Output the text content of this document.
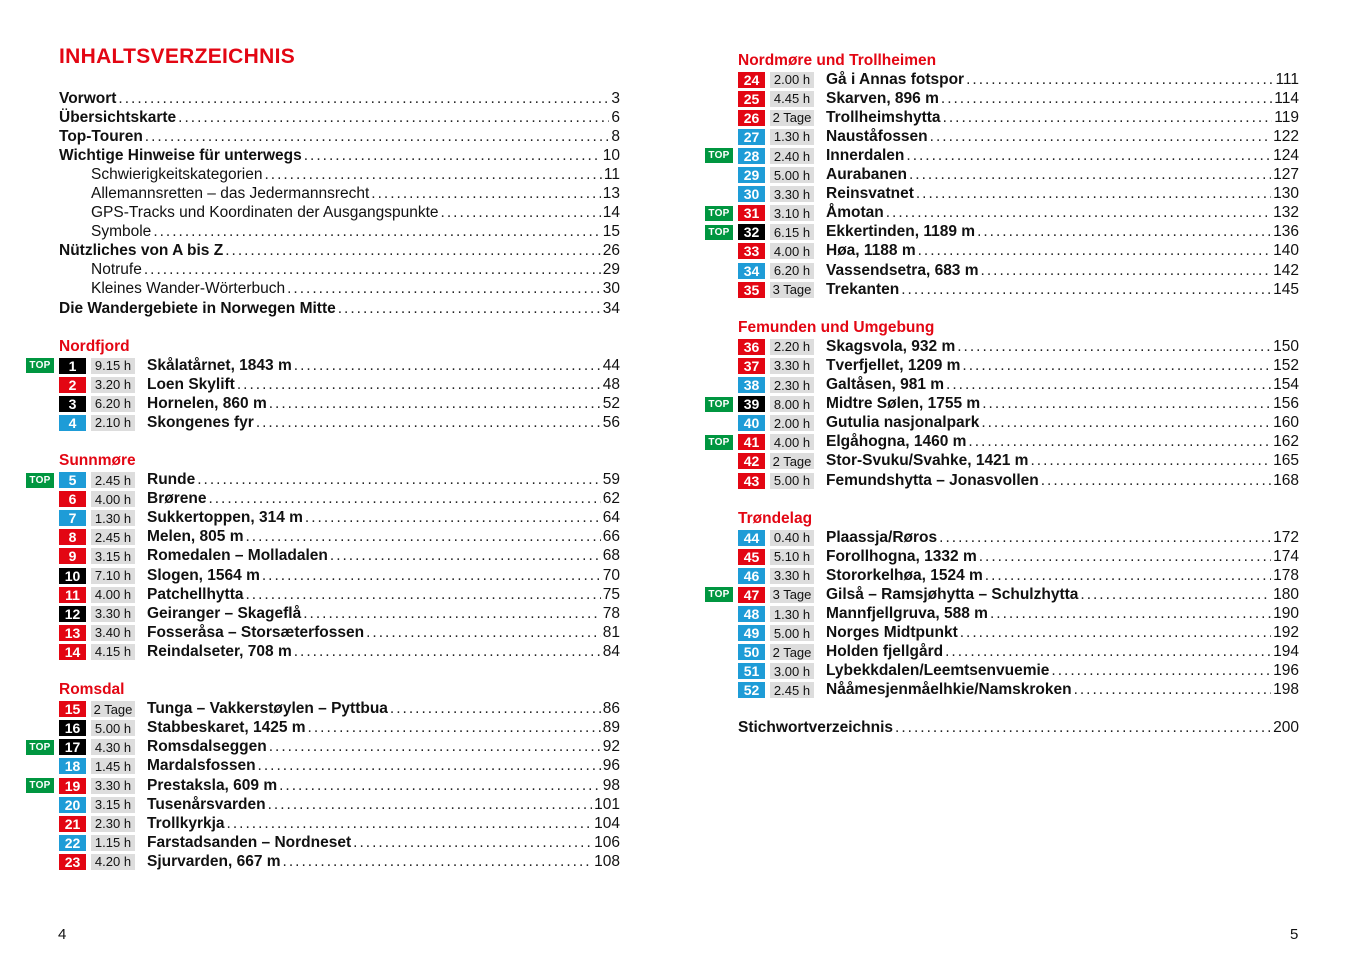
INHALTSVERZEICHNIS
Vorwort .....	3
Übersichtskarte .....	6
Top-Touren .....	8
Wichtige Hinweise für unterwegs .....	10
Schwierigkeitskategorien .....	11
Allemannsretten – das Jedermannsrecht .....	13
GPS-Tracks und Koordinaten der Ausgangspunkte .....	14
Symbole .....	15
Nützliches von A bis Z .....	26
Notrufe .....	29
Kleines Wander-Wörterbuch .....	30
Die Wandergebiete in Norwegen Mitte .....	34
Nordfjord
TOP	1	9.15 h Skålatårnet, 1843 m .....	44
2	3.20 h Loen Skylift .....	48
3	6.20 h Hornelen, 860 m .....	52
4	2.10 h Skongenes fyr .....	56
Sunnmøre
TOP	5	2.45 h Runde .....	59
6	4.00 h Brørene .....	62
7	1.30 h Sukkertoppen, 314 m .....	64
8	2.45 h Melen, 805 m .....	66
9	3.15 h Romedalen – Molladalen .....	68
10	7.10 h Slogen, 1564 m .....	70
11	4.00 h Patchellhytta .....	75
12	3.30 h Geiranger – Skageflå .....	78
13	3.40 h Fosseråsa – Storsæterfossen .....	81
14	4.15 h Reindalseter, 708 m .....	84
Romsdal
15	2 Tage Tunga – Vakkerstøylen – Pyttbua .....	86
16	5.00 h Stabbeskaret, 1425 m .....	89
TOP	17	4.30 h Romsdalseggen .....	92
18	1.45 h Mardalsfossen .....	96
TOP	19	3.30 h Prestaksla, 609 m .....	98
20	3.15 h Tusenårsvarden .....	101
21	2.30 h Trollkyrkja .....	104
22	1.15 h Farstadsanden – Nordneset .....	106
23	4.20 h Sjurvarden, 667 m .....	108
4
Nordmøre und Trollheimen
24	2.00 h Gå i Annas fotspor .....	111
25	4.45 h Skarven, 896 m .....	114
26	2 Tage Trollheimshytta .....	119
27	1.30 h Nauståfossen .....	122
TOP	28	2.40 h Innerdalen .....	124
29	5.00 h Aurabanen .....	127
30	3.30 h Reinsvatnet .....	130
TOP	31	3.10 h Åmotan .....	132
TOP	32	6.15 h Ekkertinden, 1189 m .....	136
33	4.00 h Høa, 1188 m .....	140
34	6.20 h Vassendsetra, 683 m .....	142
35	3 Tage Trekanten .....	145
Femunden und Umgebung
36	2.20 h Skagsvola, 932 m .....	150
37	3.30 h Tverfjellet, 1209 m .....	152
38	2.30 h Galtåsen, 981 m .....	154
TOP	39	8.00 h Midtre Sølen, 1755 m .....	156
40	2.00 h Gutulia nasjonalpark .....	160
TOP	41	4.00 h Elgåhogna, 1460 m .....	162
42	2 Tage Stor-Svuku/Svahke, 1421 m .....	165
43	5.00 h Femundshytta – Jonasvollen .....	168
Trøndelag
44	0.40 h Plaassja/Røros .....	172
45	5.10 h Forollhogna, 1332 m .....	174
46	3.30 h Stororkelhøa, 1524 m .....	178
TOP	47	3 Tage Gilså – Ramsjøhytta – Schulzhytta .....	180
48	1.30 h Mannfjellgruva, 588 m .....	190
49	5.00 h Norges Midtpunkt .....	192
50	2 Tage Holden fjellgård .....	194
51	3.00 h Lybekkdalen/Leemtsenvuemie .....	196
52	2.45 h Nååmesjenmåelhkie/Namskroken .....	198
Stichwortverzeichnis .....	200
5
